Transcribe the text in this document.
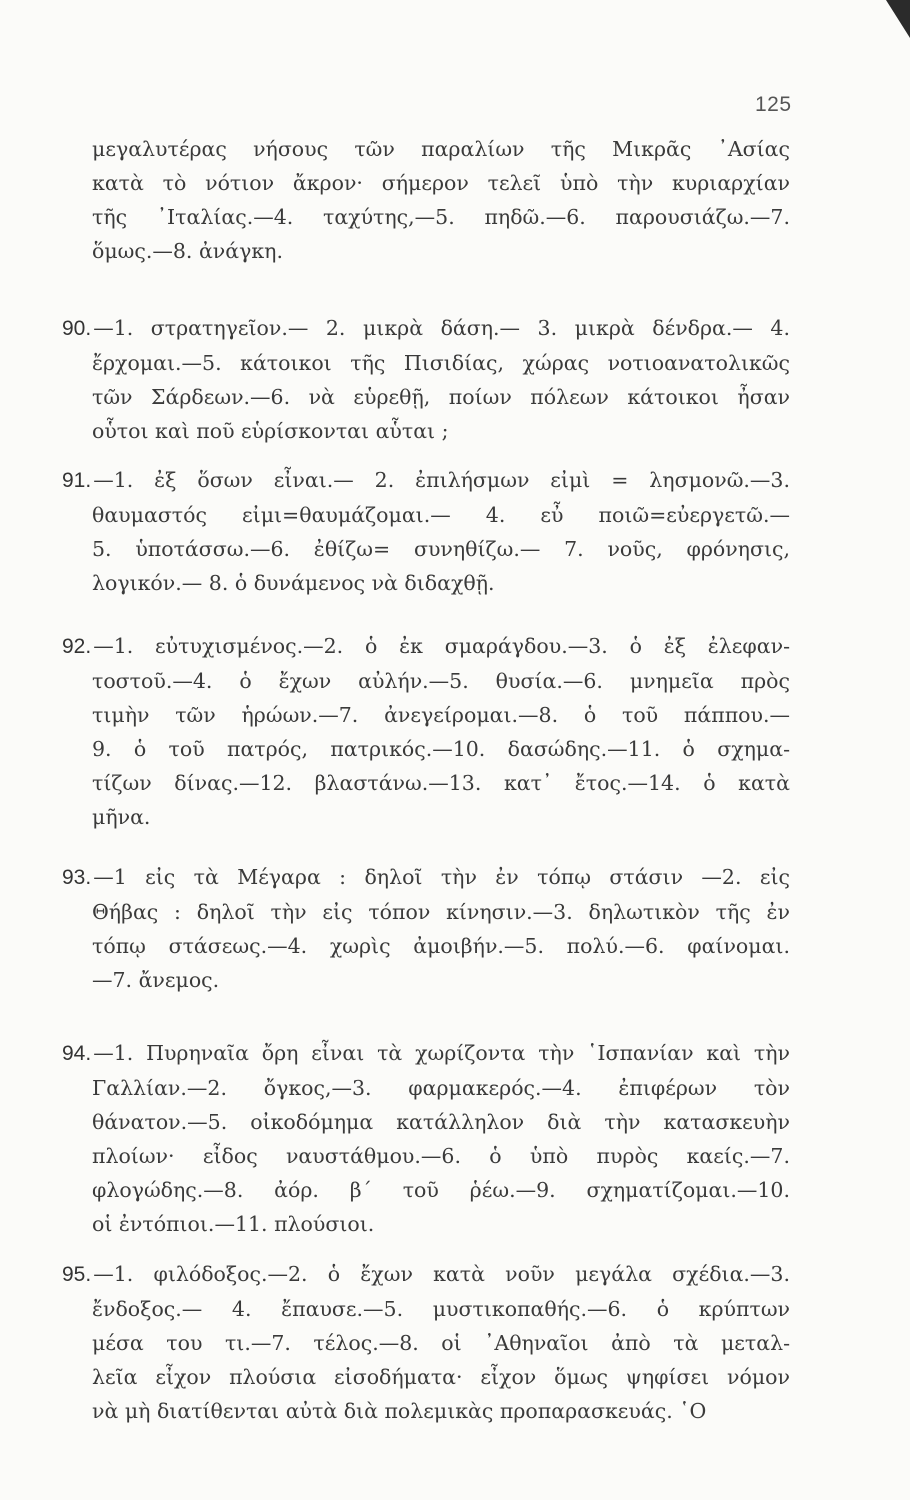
125
μεγαλυτέρας νήσους τῶν παραλίων τῆς Μικρᾶς ᾿Ασίας
κατὰ τὸ νότιον ἄκρον· σήμερον τελεῖ ὑπὸ τὴν κυριαρχίαν
τῆς ᾿Ιταλίας.—4. ταχύτης,—5. πηδῶ.—6. παρουσιάζω.—7.
ὅμως.—8. ἀνάγκη.
90.—1. στρατηγεῖον.— 2. μικρὰ δάση.— 3. μικρὰ δένδρα.— 4.
ἔρχομαι.—5. κάτοικοι τῆς Πισιδίας, χώρας νοτιοανατολικῶς
τῶν Σάρδεων.—6. νὰ εὑρεθῇ, ποίων πόλεων κάτοικοι ἦσαν
οὗτοι καὶ ποῦ εὑρίσκονται αὗται ;
91.—1. ἐξ ὅσων εἶναι.— 2. ἐπιλήσμων εἰμὶ = λησμονῶ.—3.
θαυμαστός εἰμι=θαυμάζομαι.— 4. εὖ ποιῶ=εὐεργετῶ.—
5. ὑποτάσσω.—6. ἐθίζω= συνηθίζω.— 7. νοῦς, φρόνησις,
λογικόν.— 8. ὁ δυνάμενος νὰ διδαχθῇ.
92.—1. εὐτυχισμένος.—2. ὁ ἐκ σμαράγδου.—3. ὁ ἐξ ἐλεφαν-
τοστοῦ.—4. ὁ ἔχων αὐλήν.—5. θυσία.—6. μνημεῖα πρὸς
τιμὴν τῶν ἡρώων.—7. ἀνεγείρομαι.—8. ὁ τοῦ πάππου.—
9. ὁ τοῦ πατρός, πατρικός.—10. δασώδης.—11. ὁ σχημα-
τίζων δίνας.—12. βλαστάνω.—13. κατ᾿ ἔτος.—14. ὁ κατὰ
μῆνα.
93.—1 εἰς τὰ Μέγαρα : δηλοῖ τὴν ἐν τόπῳ στάσιν —2. εἰς
Θήβας : δηλοῖ τὴν εἰς τόπον κίνησιν.—3. δηλωτικὸν τῆς ἐν
τόπῳ στάσεως.—4. χωρὶς ἀμοιβήν.—5. πολύ.—6. φαίνομαι.
—7. ἄνεμος.
94.—1. Πυρηναῖα ὄρη εἶναι τὰ χωρίζοντα τὴν ῾Ισπανίαν καὶ τὴν
Γαλλίαν.—2. ὄγκος,—3. φαρμακερός.—4. ἐπιφέρων τὸν
θάνατον.—5. οἰκοδόμημα κατάλληλον διὰ τὴν κατασκευὴν
πλοίων· εἶδος ναυστάθμου.—6. ὁ ὑπὸ πυρὸς καείς.—7.
φλογώδης.—8. ἀόρ. β΄ τοῦ ῥέω.—9. σχηματίζομαι.—10.
οἱ ἐντόπιοι.—11. πλούσιοι.
95.—1. φιλόδοξος.—2. ὁ ἔχων κατὰ νοῦν μεγάλα σχέδια.—3.
ἔνδοξος.— 4. ἔπαυσε.—5. μυστικοπαθής.—6. ὁ κρύπτων
μέσα του τι.—7. τέλος.—8. οἱ ᾿Αθηναῖοι ἀπὸ τὰ μεταλ-
λεῖα εἶχον πλούσια εἰσοδήματα· εἶχον ὅμως ψηφίσει νόμον
νὰ μὴ διατίθενται αὐτὰ διὰ πολεμικὰς προπαρασκευάς. ῾Ο
